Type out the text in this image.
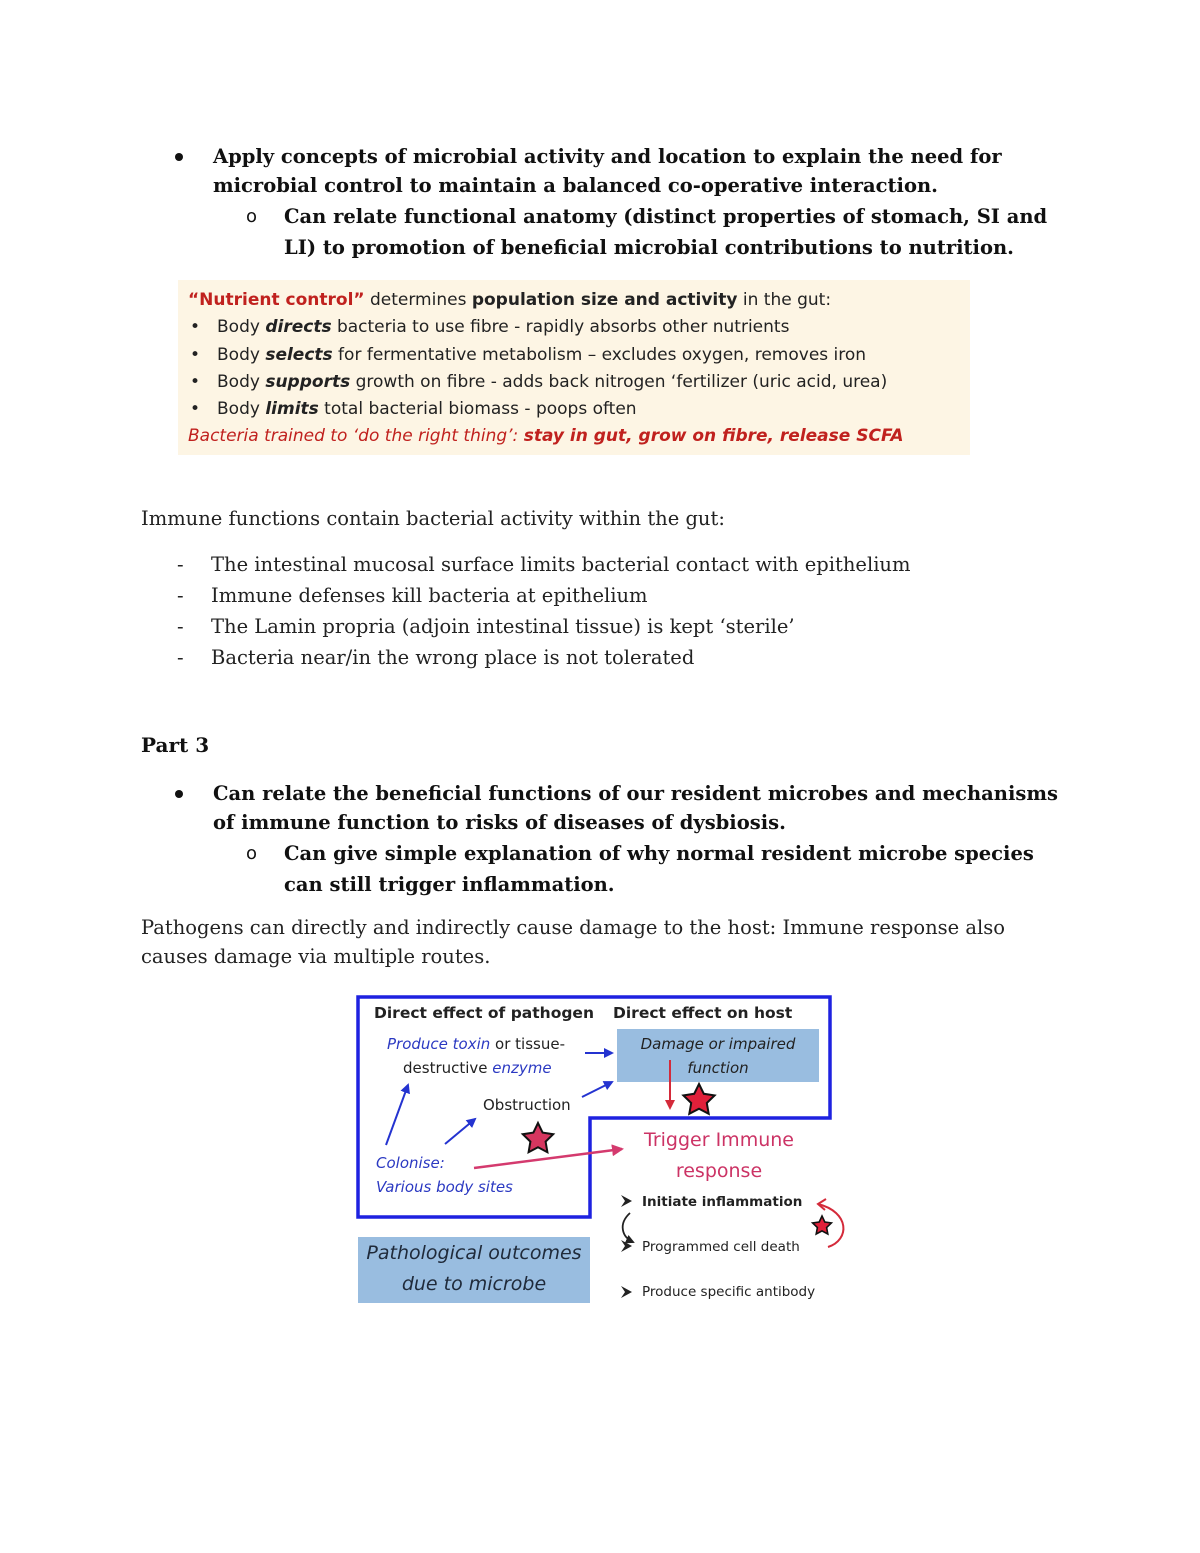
Apply concepts of microbial activity and location to explain the need for microbial control to maintain a balanced co-operative interaction.
o Can relate functional anatomy (distinct properties of stomach, SI and LI) to promotion of beneficial microbial contributions to nutrition.
“Nutrient control” determines population size and activity in the gut:
• Body directs bacteria to use fibre - rapidly absorbs other nutrients
• Body selects for fermentative metabolism – excludes oxygen, removes iron
• Body supports growth on fibre - adds back nitrogen ‘fertilizer (uric acid, urea)
• Body limits total bacterial biomass - poops often
Bacteria trained to ‘do the right thing’: stay in gut, grow on fibre, release SCFA
Immune functions contain bacterial activity within the gut:
- The intestinal mucosal surface limits bacterial contact with epithelium
- Immune defenses kill bacteria at epithelium
- The Lamin propria (adjoin intestinal tissue) is kept ‘sterile’
- Bacteria near/in the wrong place is not tolerated
Part 3
Can relate the beneficial functions of our resident microbes and mechanisms of immune function to risks of diseases of dysbiosis.
o Can give simple explanation of why normal resident microbe species can still trigger inflammation.
Pathogens can directly and indirectly cause damage to the host: Immune response also causes damage via multiple routes.
Direct effect of pathogen Direct effect on host
Produce toxin or tissue-
destructive enzyme
Damage or impaired
function
Obstruction
Colonise:
Various body sites
Trigger Immune
response
Initiate inflammation
Programmed cell death
Produce specific antibody
Pathological outcomes
due to microbe
